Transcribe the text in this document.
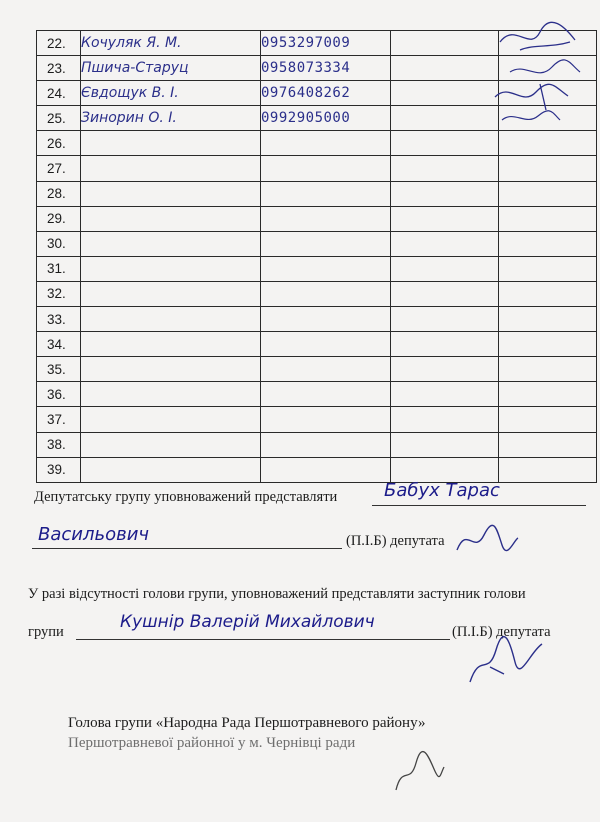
22.	Кочуляк Я. М.	0953297009		
23.	Пшича-Старуц	0958073334		
24.	Євдощук В. І.	0976408262		
25.	Зинорин О. І.	0992905000		
26.				
27.				
28.				
29.				
30.				
31.				
32.				
33.				
34.				
35.				
36.				
37.				
38.				
39.				
Депутатську групу уповноважений представляти	Бабух Тарас
Васильович	(П.І.Б) депутата
У разі відсутності голови групи, уповноважений представляти заступник голови
групи	Кушнір Валерій Михайлович	(П.І.Б) депутата
Голова групи «Народна Рада Першотравневого району»
Першотравневої районної у м. Чернівці ради
